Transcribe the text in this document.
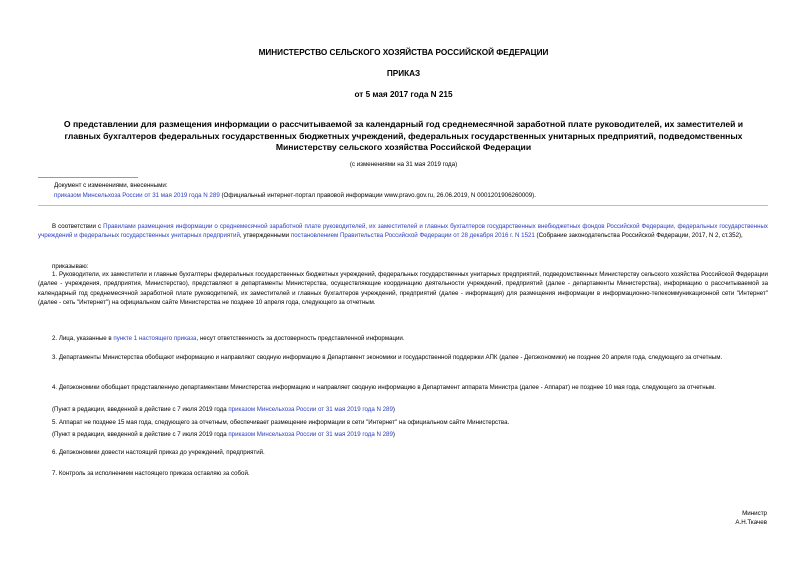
МИНИСТЕРСТВО СЕЛЬСКОГО ХОЗЯЙСТВА РОССИЙСКОЙ ФЕДЕРАЦИИ
ПРИКАЗ
от 5 мая 2017 года N 215
О представлении для размещения информации о рассчитываемой за календарный год среднемесячной заработной плате руководителей, их заместителей и главных бухгалтеров федеральных государственных бюджетных учреждений, федеральных государственных унитарных предприятий, подведомственных Министерству сельского хозяйства Российской Федерации
(с изменениями на 31 мая 2019 года)
Документ с изменениями, внесенными:
приказом Минсельхоза России от 31 мая 2019 года N 289 (Официальный интернет-портал правовой информации www.pravo.gov.ru, 26.06.2019, N 0001201906260009).

В соответствии с Правилами размещения информации о среднемесячной заработной плате руководителей, их заместителей и главных бухгалтеров государственных внебюджетных фондов Российской Федерации, федеральных государственных учреждений и федеральных государственных унитарных предприятий, утвержденными постановлением Правительства Российской Федерации от 28 декабря 2016 г. N 1521 (Собрание законодательства Российской Федерации, 2017, N 2, ст.352),

приказываю:

1. Руководители, их заместители и главные бухгалтеры федеральных государственных бюджетных учреждений, федеральных государственных унитарных предприятий, подведомственных Министерству сельского хозяйства Российской Федерации (далее - учреждения, предприятия, Министерство), представляют в департаменты Министерства, осуществляющие координацию деятельности учреждений, предприятий (далее - департаменты Министерства), информацию о рассчитываемой за календарный год среднемесячной заработной плате руководителей, их заместителей и главных бухгалтеров учреждений, предприятий (далее - информация) для размещения информации в информационно-телекоммуникационной сети "Интернет" (далее - сеть "Интернет") на официальном сайте Министерства не позднее 10 апреля года, следующего за отчетным.

2. Лица, указанные в пункте 1 настоящего приказа, несут ответственность за достоверность представленной информации.

3. Департаменты Министерства обобщают информацию и направляют сводную информацию в Департамент экономики и государственной поддержки АПК (далее - Депэкономики) не позднее 20 апреля года, следующего за отчетным.

4. Депэкономики обобщает представленную департаментами Министерства информацию и направляет сводную информацию в Департамент аппарата Министра (далее - Аппарат) не позднее 10 мая года, следующего за отчетным.

(Пункт в редакции, введенной в действие с 7 июля 2019 года приказом Минсельхоза России от 31 мая 2019 года N 289)

5. Аппарат не позднее 15 мая года, следующего за отчетным, обеспечивает размещение информации в сети "Интернет" на официальном сайте Министерства.

(Пункт в редакции, введенной в действие с 7 июля 2019 года приказом Минсельхоза России от 31 мая 2019 года N 289)

6. Депэкономики довести настоящий приказ до учреждений, предприятий.

7. Контроль за исполнением настоящего приказа оставляю за собой.

Министр
А.Н.Ткачев
